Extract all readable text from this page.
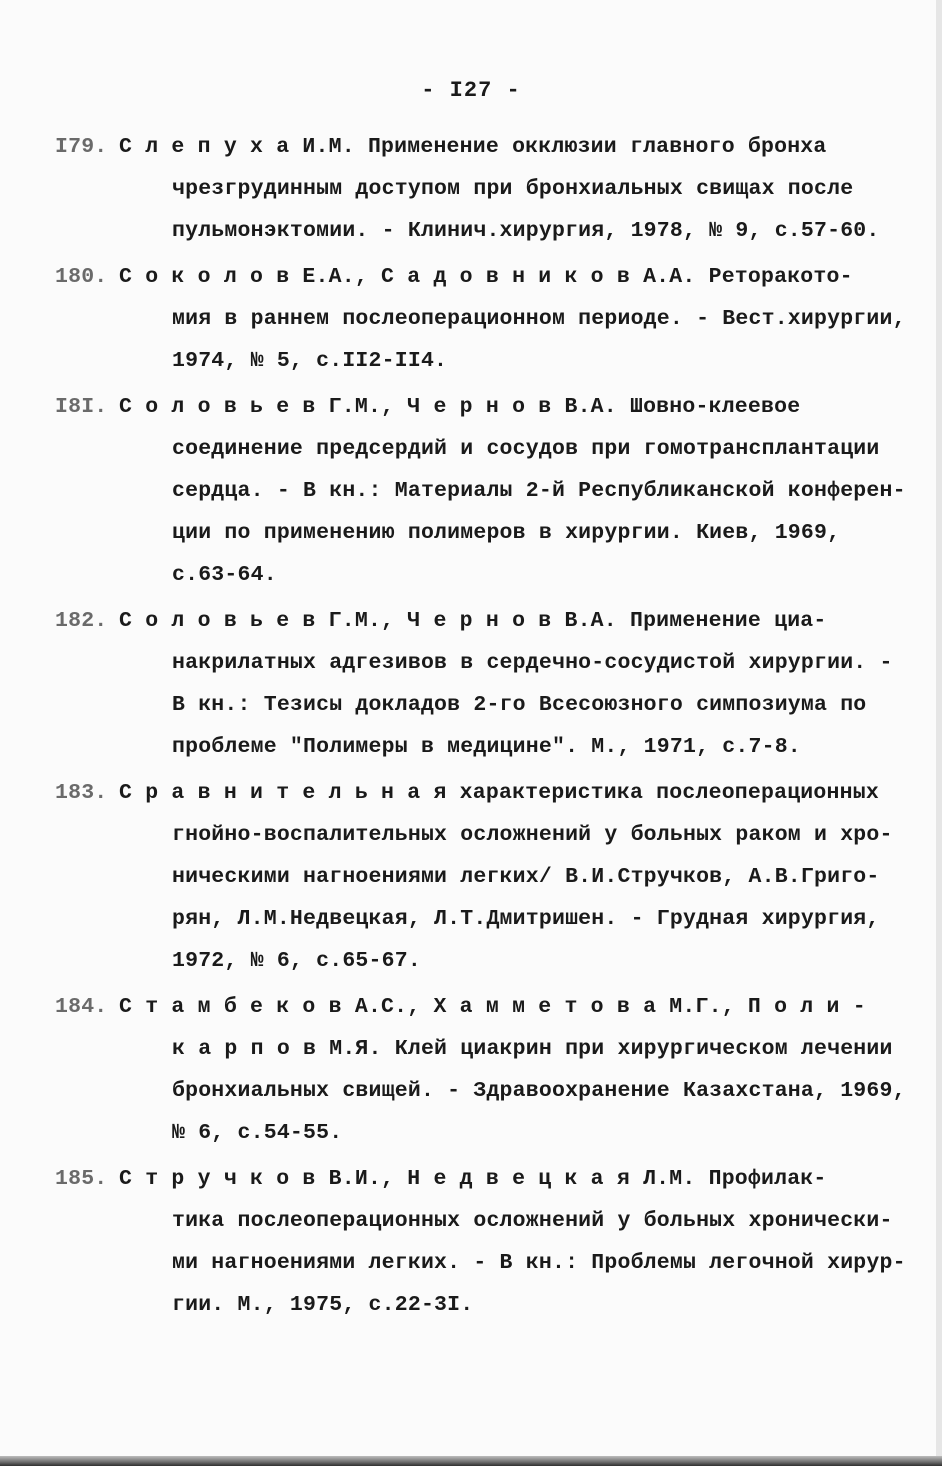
- I27 -
I79. С л е п у х а И.М. Применение окклюзии главного бронха
чрезгрудинным доступом при бронхиальных свищах после
пульмонэктомии. - Клинич.хирургия, 1978, № 9, с.57-60.
180. С о к о л о в Е.А., С а д о в н и к о в А.А. Ретоpакото-
мия в раннем послеоперационном периоде. - Вест.хирургии,
1974, № 5, с.II2-II4.
I8I. С о л о в ь е в Г.М., Ч е р н о в В.А. Шовно-клеевое
соединение предсердий и сосудов при гомотрансплантации
сердца. - В кн.: Материалы 2-й Республиканской конферен-
ции по применению полимеров в хирургии. Киев, 1969,
с.63-64.
182. С о л о в ь е в Г.М., Ч е р н о в В.А. Применение циа-
накрилатных адгезивов в сердечно-сосудистой хирургии. -
В кн.: Тезисы докладов 2-го Всесоюзного симпозиума по
проблеме "Полимеры в медицине". М., 1971, с.7-8.
183. С р а в н и т е л ь н а я характеристика послеоперационных
гнойно-воспалительных осложнений у больных раком и хро-
ническими нагноениями легких/ В.И.Стручков, А.В.Григо-
рян, Л.М.Недвецкая, Л.Т.Дмитришен. - Грудная хирургия,
1972, № 6, с.65-67.
184. С т а м б е к о в А.С., Х а м м е т о в а М.Г., П о л и -
к а р п о в М.Я. Клей циакрин при хирургическом лечении
бронхиальных свищей. - Здравоохранение Казахстана, 1969,
№ 6, с.54-55.
185. С т р у ч к о в В.И., Н е д в е ц к а я Л.М. Профилак-
тика послеоперационных осложнений у больных хронически-
ми нагноениями легких. - В кн.: Проблемы легочной хирур-
гии. М., 1975, с.22-3I.
